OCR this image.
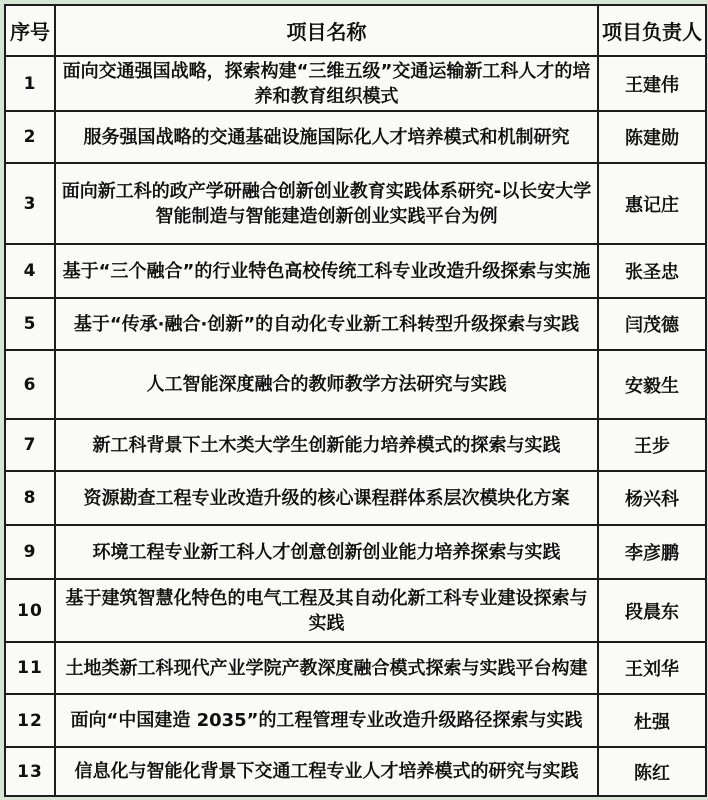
序号	项目名称	项目负责人
1	面向交通强国战略，探索构建“三维五级”交通运输新工科人才的培养和教育组织模式	王建伟
2	服务强国战略的交通基础设施国际化人才培养模式和机制研究	陈建勋
3	面向新工科的政产学研融合创新创业教育实践体系研究-以长安大学智能制造与智能建造创新创业实践平台为例	惠记庄
4	基于“三个融合”的行业特色高校传统工科专业改造升级探索与实施	张圣忠
5	基于“传承·融合·创新”的自动化专业新工科转型升级探索与实践	闫茂德
6	人工智能深度融合的教师教学方法研究与实践	安毅生
7	新工科背景下土木类大学生创新能力培养模式的探索与实践	王步
8	资源勘查工程专业改造升级的核心课程群体系层次模块化方案	杨兴科
9	环境工程专业新工科人才创意创新创业能力培养探索与实践	李彦鹏
10	基于建筑智慧化特色的电气工程及其自动化新工科专业建设探索与实践	段晨东
11	土地类新工科现代产业学院产教深度融合模式探索与实践平台构建	王刘华
12	面向“中国建造 2035”的工程管理专业改造升级路径探索与实践	杜强
13	信息化与智能化背景下交通工程专业人才培养模式的研究与实践	陈红
